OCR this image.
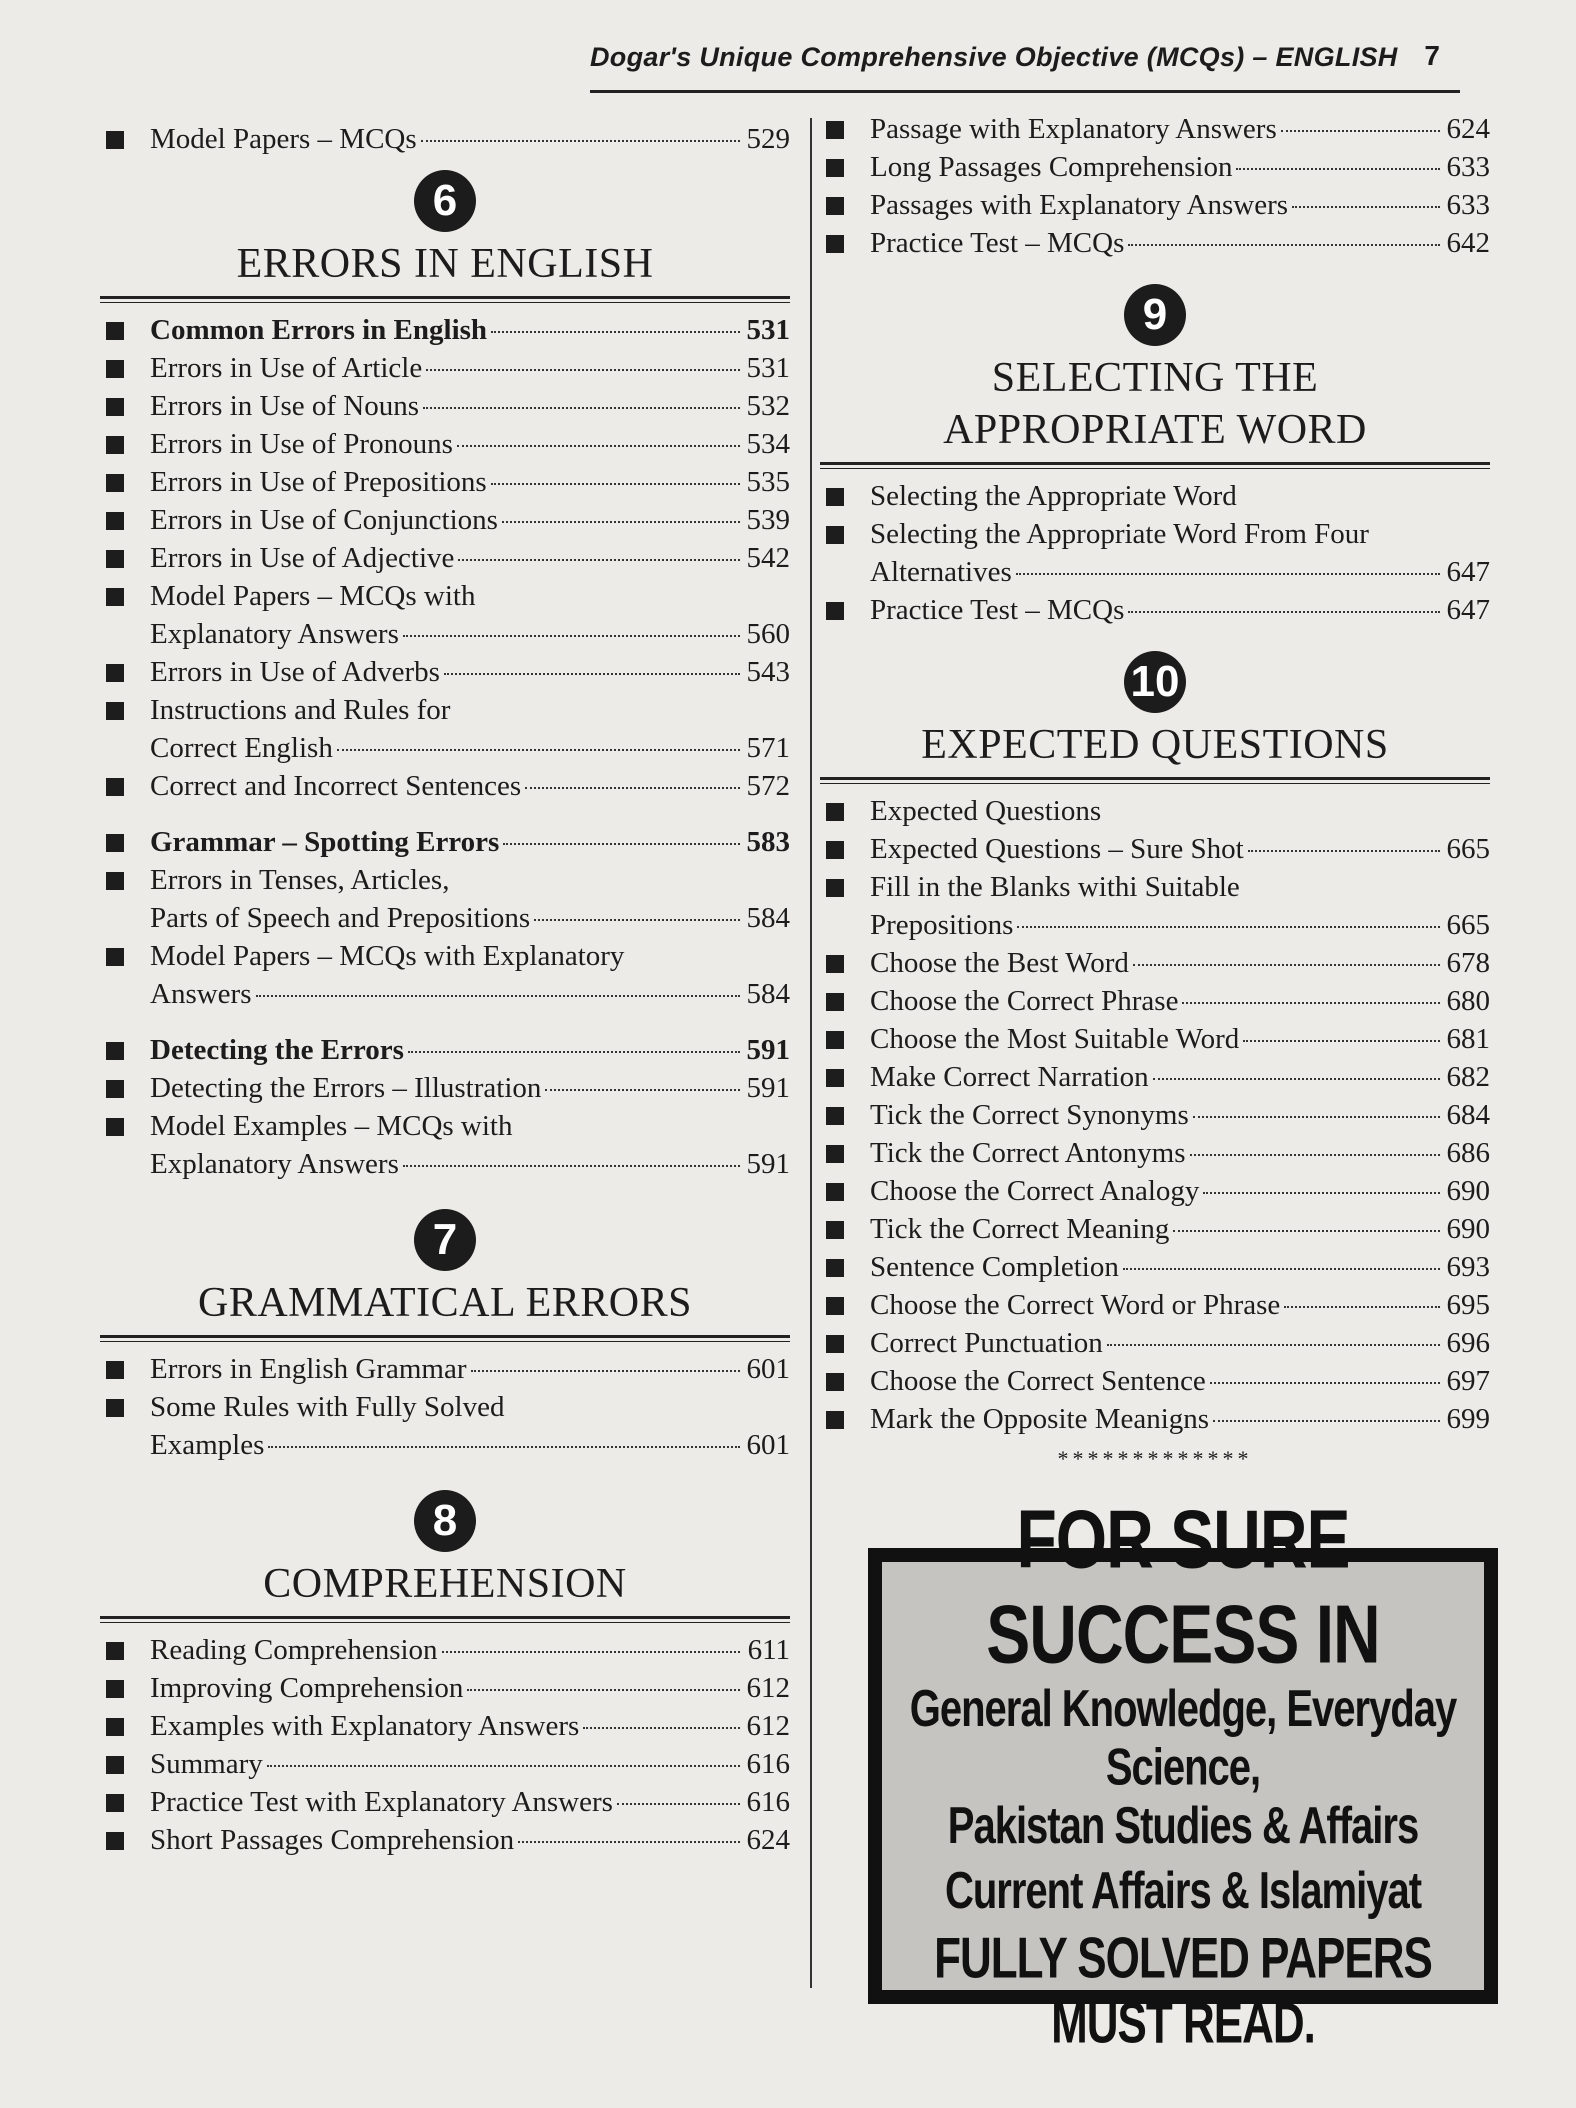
Dogar's Unique Comprehensive Objective (MCQs) – ENGLISH 7
Model Papers – MCQs	529
6
ERRORS IN ENGLISH
Common Errors in English	531
Errors in Use of Article	531
Errors in Use of Nouns	532
Errors in Use of Pronouns	534
Errors in Use of Prepositions	535
Errors in Use of Conjunctions	539
Errors in Use of Adjective	542
Model Papers – MCQs with
Explanatory Answers	560
Errors in Use of Adverbs	543
Instructions and Rules for
Correct English	571
Correct and Incorrect Sentences	572
Grammar – Spotting Errors	583
Errors in Tenses, Articles,
Parts of Speech and Prepositions	584
Model Papers – MCQs with Explanatory
Answers	584
Detecting the Errors	591
Detecting the Errors – Illustration	591
Model Examples – MCQs with
Explanatory Answers	591
7
GRAMMATICAL ERRORS
Errors in English Grammar	601
Some Rules with Fully Solved
Examples	601
8
COMPREHENSION
Reading Comprehension	611
Improving Comprehension	612
Examples with Explanatory Answers	612
Summary	616
Practice Test with Explanatory Answers	616
Short Passages Comprehension	624
Passage with Explanatory Answers	624
Long Passages Comprehension	633
Passages with Explanatory Answers	633
Practice Test – MCQs	642
9
SELECTING THE
APPROPRIATE WORD
Selecting the Appropriate Word
Selecting the Appropriate Word From Four
Alternatives	647
Practice Test – MCQs	647
10
EXPECTED QUESTIONS
Expected Questions
Expected Questions – Sure Shot	665
Fill in the Blanks withi Suitable
Prepositions	665
Choose the Best Word	678
Choose the Correct Phrase	680
Choose the Most Suitable Word	681
Make Correct Narration	682
Tick the Correct Synonyms	684
Tick the Correct Antonyms	686
Choose the Correct Analogy	690
Tick the Correct Meaning	690
Sentence Completion	693
Choose the Correct Word or Phrase	695
Correct Punctuation	696
Choose the Correct Sentence	697
Mark the Opposite Meanigns	699
*************
FOR SURE SUCCESS IN
General Knowledge, Everyday Science,
Pakistan Studies & Affairs
Current Affairs & Islamiyat
FULLY SOLVED PAPERS MUST READ.
